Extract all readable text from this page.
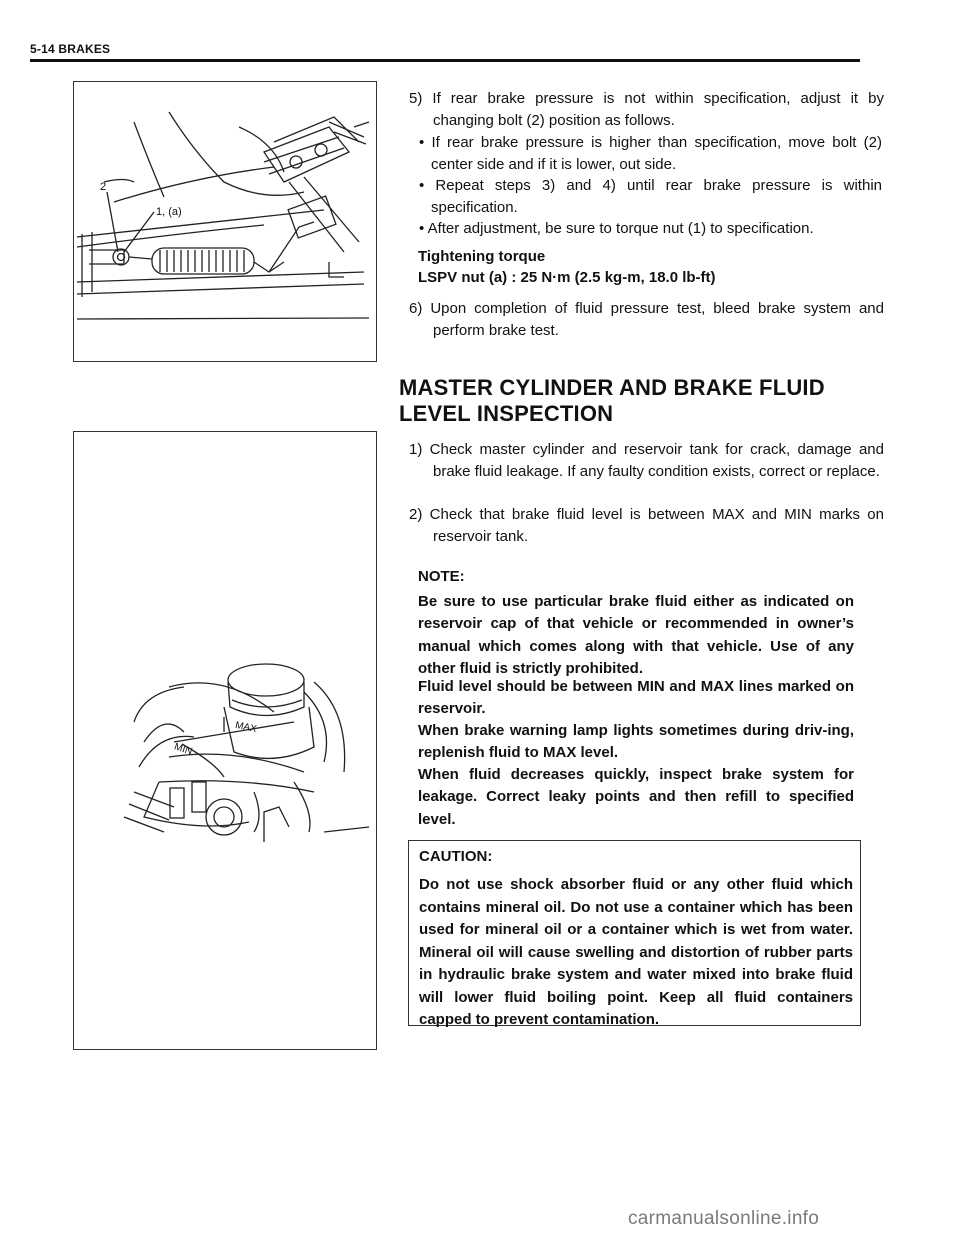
5-14 BRAKES
2
1, (a)
5) If rear brake pressure is not within specification, adjust it by changing bolt (2) position as follows.
• If rear brake pressure is higher than specification, move bolt (2) center side and if it is lower, out side.
• Repeat steps 3) and 4) until rear brake pressure is within specification.
• After adjustment, be sure to torque nut (1) to specification.
Tightening torque
LSPV nut (a) : 25 N·m (2.5 kg-m, 18.0 lb-ft)
6) Upon completion of fluid pressure test, bleed brake system and perform brake test.
MASTER CYLINDER AND BRAKE FLUID
LEVEL INSPECTION
MAX
MIN
1) Check master cylinder and reservoir tank for crack, damage and brake fluid leakage. If any faulty condition exists, correct or replace.
2) Check that brake fluid level is between MAX and MIN marks on reservoir tank.
NOTE:
Be sure to use particular brake fluid either as indicated on reservoir cap of that vehicle or recommended in owner’s manual which comes along with that vehicle. Use of any other fluid is strictly prohibited.
Fluid level should be between MIN and MAX lines marked on reservoir.
When brake warning lamp lights sometimes during driv-ing, replenish fluid to MAX level.
When fluid decreases quickly, inspect brake system for leakage. Correct leaky points and then refill to specified level.
CAUTION:
Do not use shock absorber fluid or any other fluid which contains mineral oil. Do not use a container which has been used for mineral oil or a container which is wet from water. Mineral oil will cause swelling and distortion of rubber parts in hydraulic brake system and water mixed into brake fluid will lower fluid boiling point. Keep all fluid containers capped to prevent contamination.
carmanualsonline.info
